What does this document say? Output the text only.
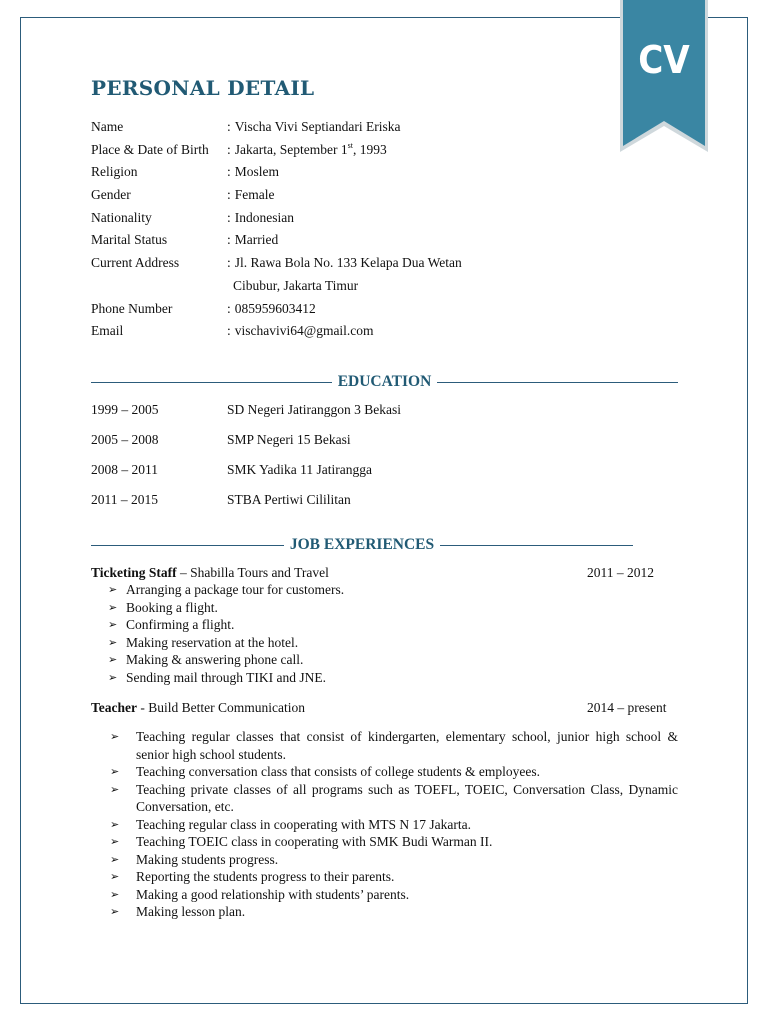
CV
PERSONAL DETAIL
Name	: Vischa Vivi Septiandari Eriska
Place & Date of Birth	: Jakarta, September 1st, 1993
Religion	: Moslem
Gender	: Female
Nationality	: Indonesian
Marital Status	: Married
Current Address	: Jl. Rawa Bola No. 133 Kelapa Dua Wetan
Cibubur, Jakarta Timur
Phone Number	: 085959603412
Email	: vischavivi64@gmail.com
EDUCATION
1999 – 2005	SD Negeri Jatiranggon 3 Bekasi
2005 – 2008	SMP Negeri 15 Bekasi
2008 – 2011	SMK Yadika 11 Jatirangga
2011 – 2015	STBA Pertiwi Cililitan
JOB EXPERIENCES
Ticketing Staff – Shabilla Tours and Travel	2011 – 2012
➢ Arranging a package tour for customers.
➢ Booking a flight.
➢ Confirming a flight.
➢ Making reservation at the hotel.
➢ Making & answering phone call.
➢ Sending mail through TIKI and JNE.
Teacher - Build Better Communication	2014 – present
➢ Teaching regular classes that consist of kindergarten, elementary school, junior high school & senior high school students.
➢ Teaching conversation class that consists of college students & employees.
➢ Teaching private classes of all programs such as TOEFL, TOEIC, Conversation Class, Dynamic Conversation, etc.
➢ Teaching regular class in cooperating with MTS N 17 Jakarta.
➢ Teaching TOEIC class in cooperating with SMK Budi Warman II.
➢ Making students progress.
➢ Reporting the students progress to their parents.
➢ Making a good relationship with students’ parents.
➢ Making lesson plan.
